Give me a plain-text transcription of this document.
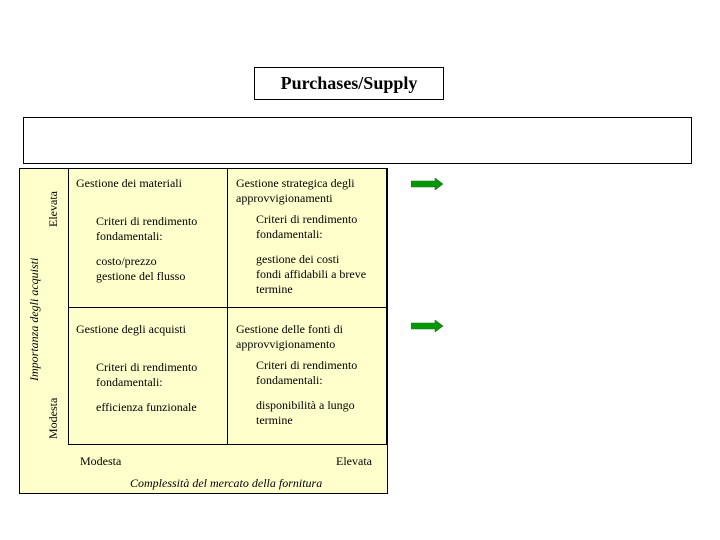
Purchases/Supply
Gestione dei materiali
Criteri di rendimento
fondamentali:
costo/prezzo
gestione del flusso
Gestione strategica degli
approvvigionamenti
Criteri di rendimento
fondamentali:
gestione dei costi
fondi affidabili a breve
termine
Gestione degli acquisti
Criteri di rendimento
fondamentali:
efficienza funzionale
Gestione delle fonti di
approvvigionamento
Criteri di rendimento
fondamentali:
disponibilità a lungo
termine
Modesta	Elevata
Complessità del mercato della fornitura
Importanza degli acquisti
Elevata
Modesta
